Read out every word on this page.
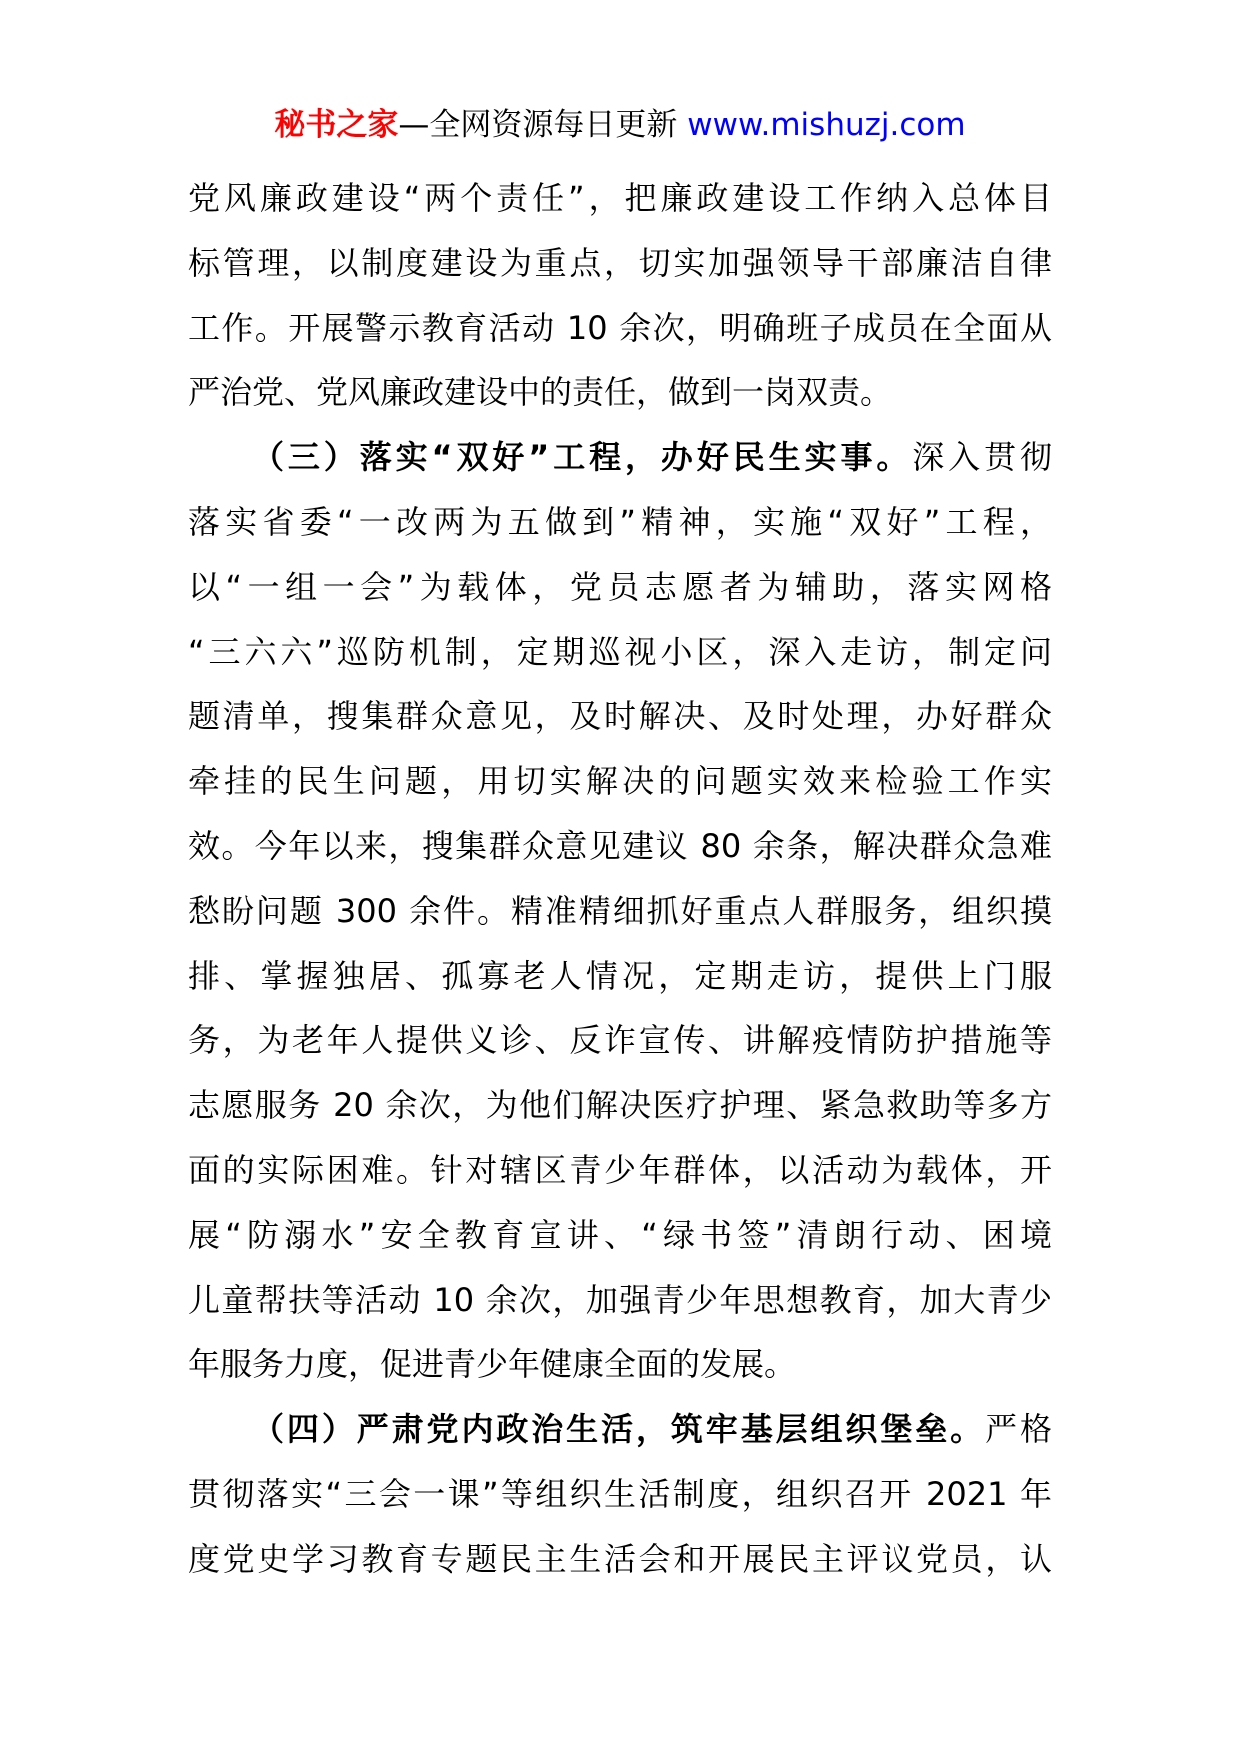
秘书之家—全网资源每日更新 www.mishuzj.com
党风廉政建设“两个责任”，把廉政建设工作纳入总体目
标管理，以制度建设为重点，切实加强领导干部廉洁自律
工作。开展警示教育活动 10 余次，明确班子成员在全面从
严治党、党风廉政建设中的责任，做到一岗双责。
（三）落实“双好”工程，办好民生实事。深入贯彻
落实省委“一改两为五做到”精神，实施“双好”工程，
以“一组一会”为载体，党员志愿者为辅助，落实网格
“三六六”巡防机制，定期巡视小区，深入走访，制定问
题清单，搜集群众意见，及时解决、及时处理，办好群众
牵挂的民生问题，用切实解决的问题实效来检验工作实
效。今年以来，搜集群众意见建议 80 余条，解决群众急难
愁盼问题 300 余件。精准精细抓好重点人群服务，组织摸
排、掌握独居、孤寡老人情况，定期走访，提供上门服
务，为老年人提供义诊、反诈宣传、讲解疫情防护措施等
志愿服务 20 余次，为他们解决医疗护理、紧急救助等多方
面的实际困难。针对辖区青少年群体，以活动为载体，开
展“防溺水”安全教育宣讲、“绿书签”清朗行动、困境
儿童帮扶等活动 10 余次，加强青少年思想教育，加大青少
年服务力度，促进青少年健康全面的发展。
（四）严肃党内政治生活，筑牢基层组织堡垒。严格
贯彻落实“三会一课”等组织生活制度，组织召开 2021 年
度党史学习教育专题民主生活会和开展民主评议党员，认
